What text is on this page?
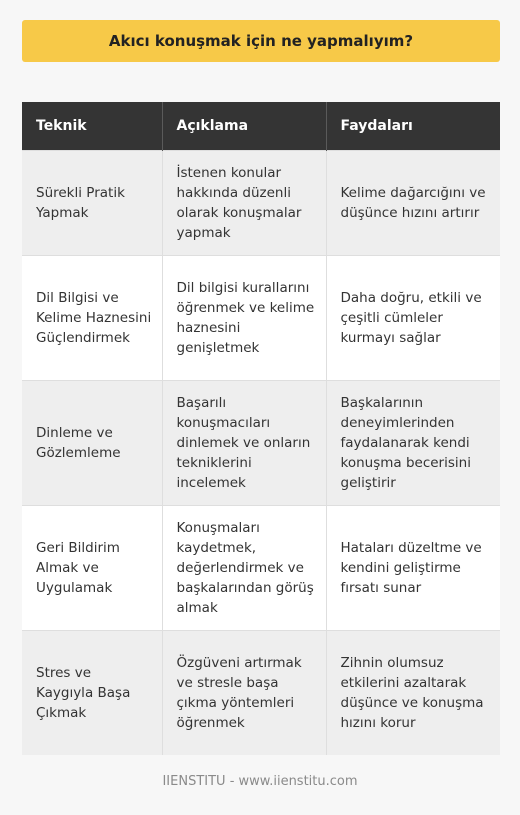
Akıcı konuşmak için ne yapmalıyım?
Teknik	Açıklama	Faydaları
Sürekli Pratik Yapmak	İstenen konular hakkında düzenli olarak konuşmalar yapmak	Kelime dağarcığını ve düşünce hızını artırır
Dil Bilgisi ve Kelime Haznesini Güçlendirmek	Dil bilgisi kurallarını öğrenmek ve kelime haznesini genişletmek	Daha doğru, etkili ve çeşitli cümleler kurmayı sağlar
Dinleme ve Gözlemleme	Başarılı konuşmacıları dinlemek ve onların tekniklerini incelemek	Başkalarının deneyimlerinden faydalanarak kendi konuşma becerisini geliştirir
Geri Bildirim Almak ve Uygulamak	Konuşmaları kaydetmek, değerlendirmek ve başkalarından görüş almak	Hataları düzeltme ve kendini geliştirme fırsatı sunar
Stres ve Kaygıyla Başa Çıkmak	Özgüveni artırmak ve stresle başa çıkma yöntemleri öğrenmek	Zihnin olumsuz etkilerini azaltarak düşünce ve konuşma hızını korur
IIENSTITU - www.iienstitu.com
